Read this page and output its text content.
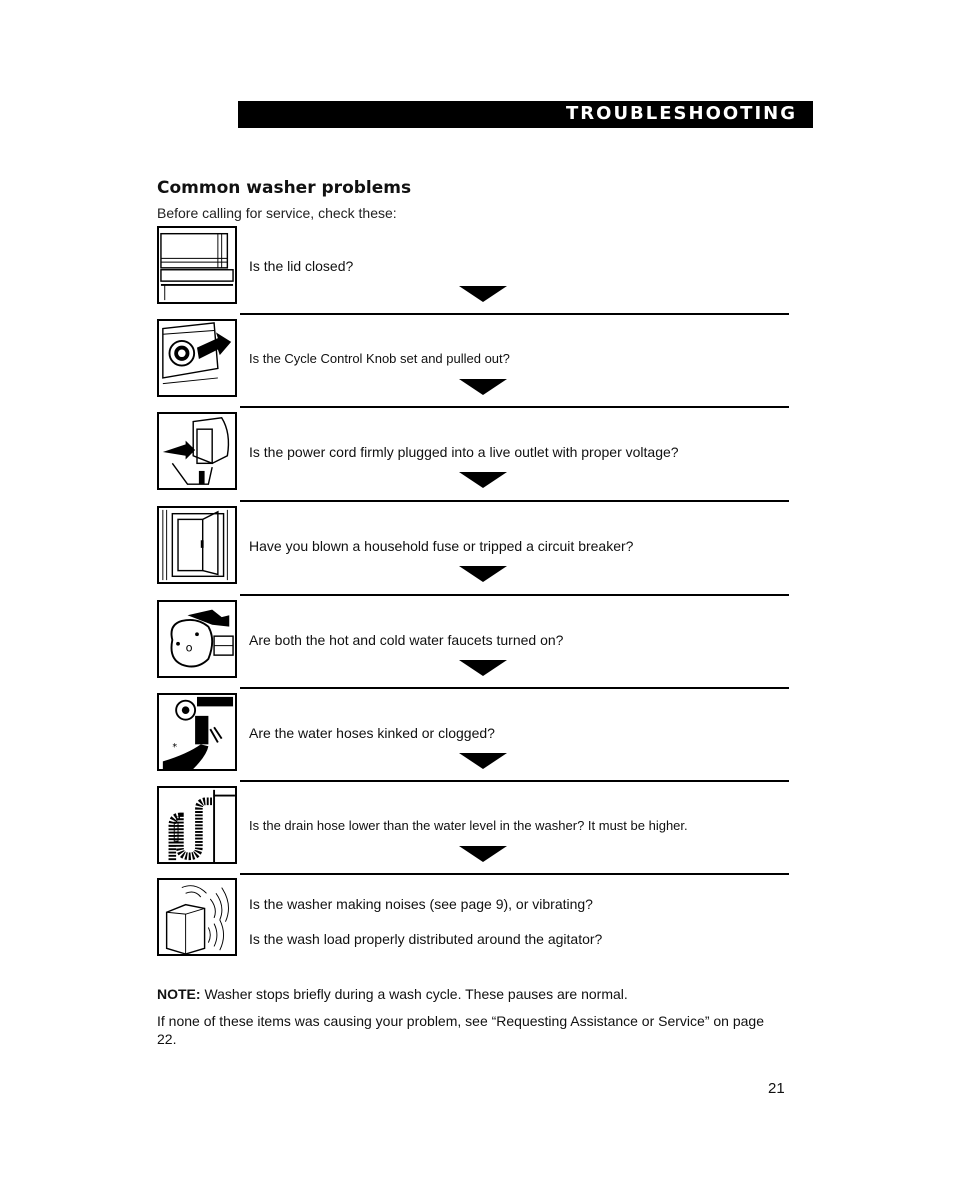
TROUBLESHOOTING
Common washer problems
Before calling for service, check these:
Is the lid closed?
Is the Cycle Control Knob set and pulled out?
Is the power cord firmly plugged into a live outlet with proper voltage?
Have you blown a household fuse or tripped a circuit breaker?
o	Are both the hot and cold water faucets turned on?
*
Are the water hoses kinked or clogged?
Is the drain hose lower than the water level in the washer? It must be higher.
Is the washer making noises (see page 9), or vibrating?
Is the wash load properly distributed around the agitator?
NOTE: Washer stops briefly during a wash cycle. These pauses are normal.
If none of these items was causing your problem, see “Requesting Assistance or Service” on page 22.
21
